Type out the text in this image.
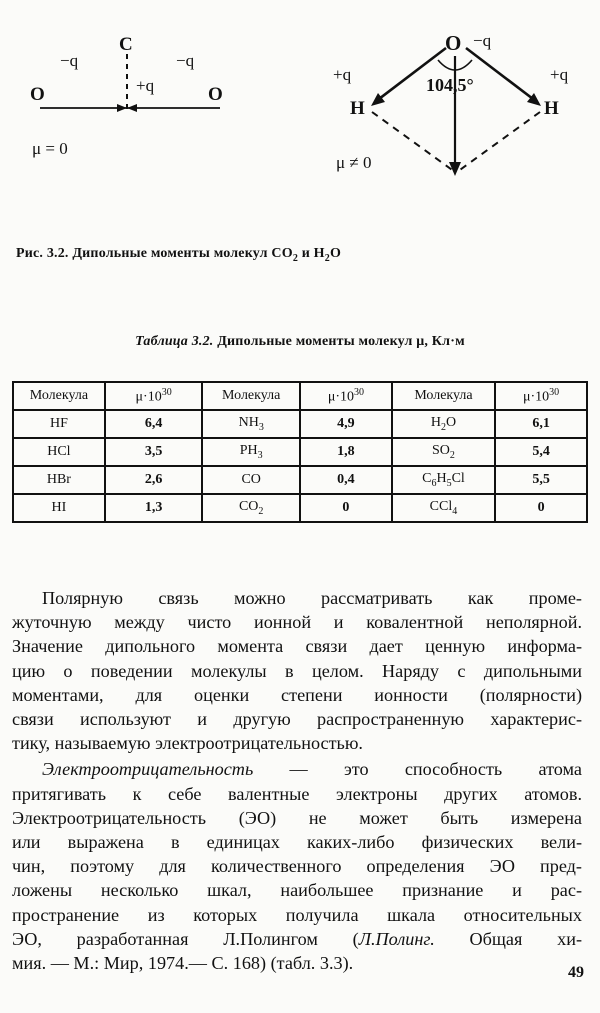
C
O	O
−q	−q
+q
μ = 0
O
H	H
−q
+q	+q
104,5°
μ ≠ 0
Рис. 3.2. Дипольные моменты молекул $CO_2$ и $H_2O$
Таблица 3.2. Дипольные моменты молекул μ, Кл·м
Молекула	$\mu\cdot 10^{30}$	Молекула	$\mu\cdot 10^{30}$	Молекула	$\mu\cdot 10^{30}$
HF	6,4	$NH_3$	4,9	$H_2O$	6,1
HCl	3,5	$PH_3$	1,8	$SO_2$	5,4
HBr	2,6	CO	0,4	$C_6H_5Cl$	5,5
HI	1,3	$CO_2$	0	CCl$_4$	0

Полярную связь можно рассматривать как проме-
жуточную между чисто ионной и ковалентной неполярной.
Значение дипольного момента связи дает ценную информа-
цию о поведении молекулы в целом. Наряду с дипольными
моментами, для оценки степени ионности (полярности)
связи используют и другую распространенную характерис-
тику, называемую электроотрицательностью.

Электроотрицательность — это способность атома
притягивать к себе валентные электроны других атомов.
Электроотрицательность (ЭО) не может быть измерена
или выражена в единицах каких-либо физических вели-
чин, поэтому для количественного определения ЭО пред-
ложены несколько шкал, наибольшее признание и рас-
пространение из которых получила шкала относительных
ЭО, разработанная Л.Полингом (Л.Полинг. Общая хи-
мия. — М.: Мир, 1974.— С. 168) (табл. 3.3).	49
